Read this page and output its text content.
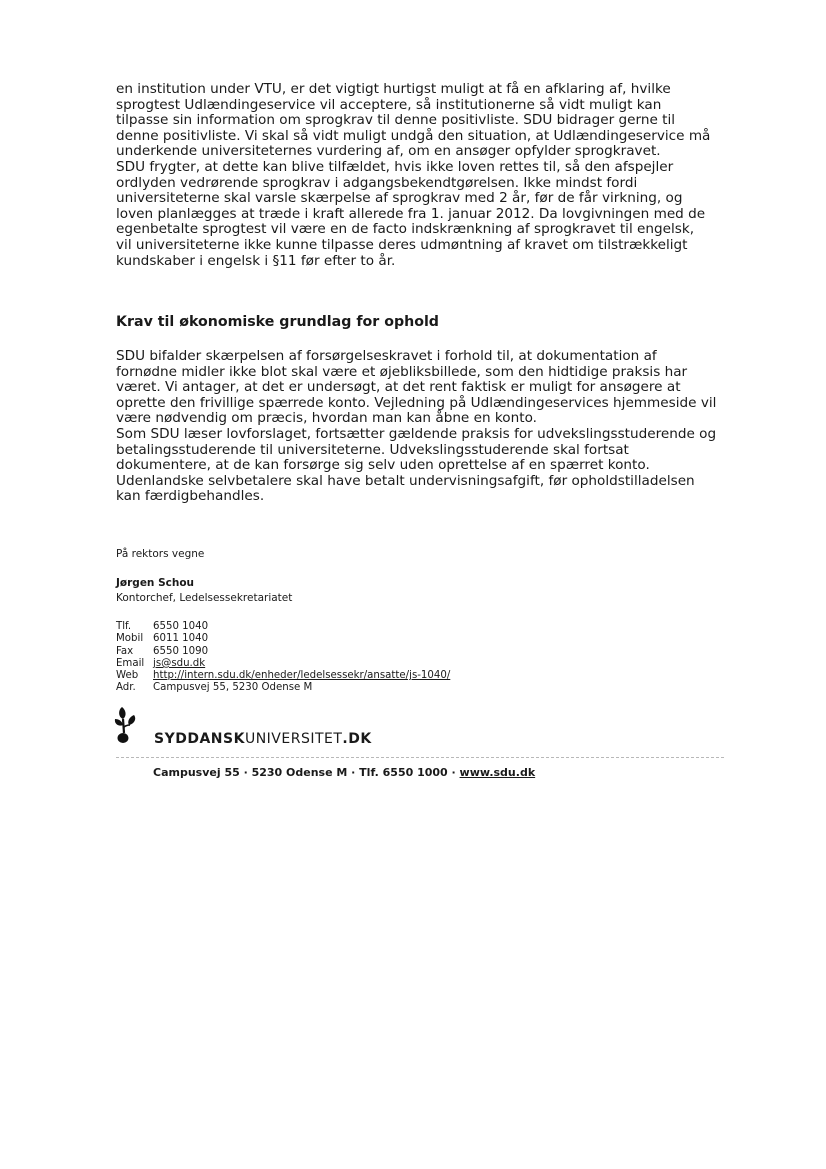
en institution under VTU, er det vigtigt hurtigst muligt at få en afklaring af, hvilke
sprogtest Udlændingeservice vil acceptere, så institutionerne så vidt muligt kan
tilpasse sin information om sprogkrav til denne positivliste. SDU bidrager gerne til
denne positivliste. Vi skal så vidt muligt undgå den situation, at Udlændingeservice må
underkende universiteternes vurdering af, om en ansøger opfylder sprogkravet.
SDU frygter, at dette kan blive tilfældet, hvis ikke loven rettes til, så den afspejler
ordlyden vedrørende sprogkrav i adgangsbekendtgørelsen. Ikke mindst fordi
universiteterne skal varsle skærpelse af sprogkrav med 2 år, før de får virkning, og
loven planlægges at træde i kraft allerede fra 1. januar 2012. Da lovgivningen med de
egenbetalte sprogtest vil være en de facto indskrænkning af sprogkravet til engelsk,
vil universiteterne ikke kunne tilpasse deres udmøntning af kravet om tilstrækkeligt
kundskaber i engelsk i §11 før efter to år.
Krav til økonomiske grundlag for ophold
SDU bifalder skærpelsen af forsørgelseskravet i forhold til, at dokumentation af
fornødne midler ikke blot skal være et øjebliksbillede, som den hidtidige praksis har
været. Vi antager, at det er undersøgt, at det rent faktisk er muligt for ansøgere at
oprette den frivillige spærrede konto. Vejledning på Udlændingeservices hjemmeside vil
være nødvendig om præcis, hvordan man kan åbne en konto.
Som SDU læser lovforslaget, fortsætter gældende praksis for udvekslingsstuderende og
betalingsstuderende til universiteterne. Udvekslingsstuderende skal fortsat
dokumentere, at de kan forsørge sig selv uden oprettelse af en spærret konto.
Udenlandske selvbetalere skal have betalt undervisningsafgift, før opholdstilladelsen
kan færdigbehandles.
På rektors vegne
Jørgen Schou
Kontorchef, Ledelsessekretariatet
Tlf.	6550 1040
Mobil 6011 1040
Fax	6550 1090
Email js@sdu.dk
Web	http://intern.sdu.dk/enheder/ledelsessekr/ansatte/js-1040/
Adr.	Campusvej 55, 5230 Odense M
SYDDANSKUNIVERSITET.DK
Campusvej 55 · 5230 Odense M · Tlf. 6550 1000 · www.sdu.dk
